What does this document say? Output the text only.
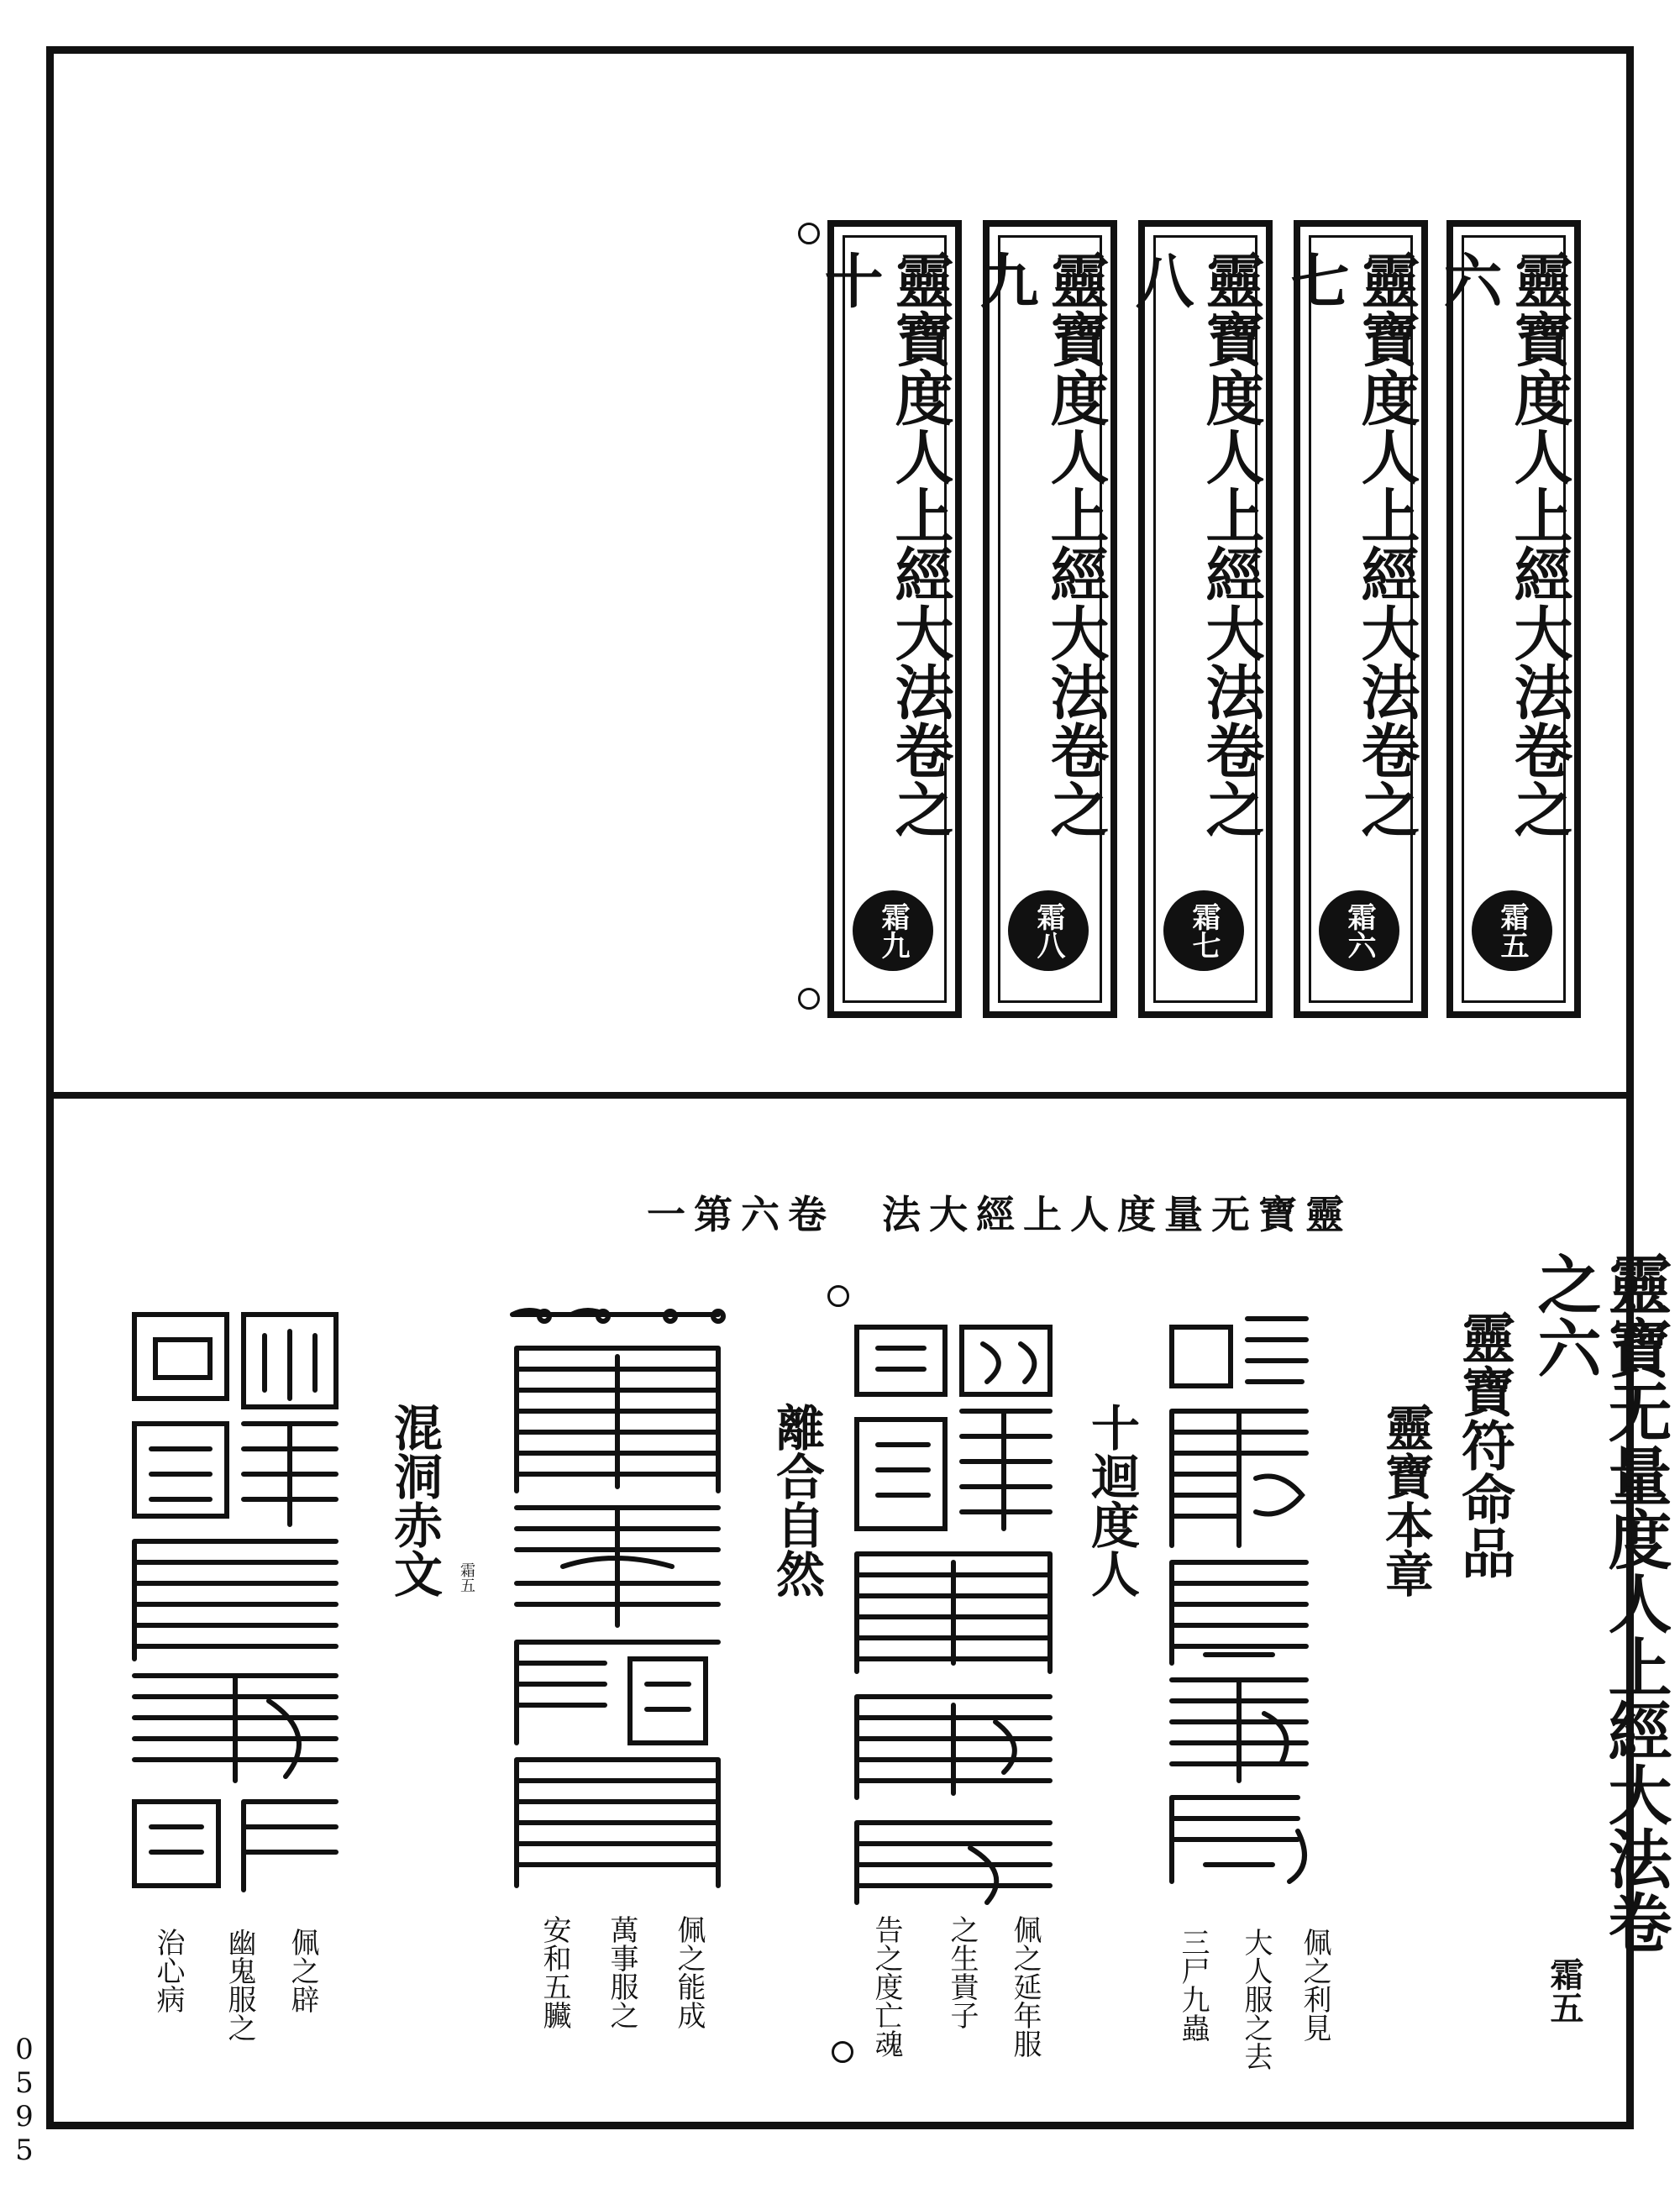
0595
靈寶度人上經大法卷之十
霜九
靈寶度人上經大法卷之九
霜八
靈寶度人上經大法卷之八
霜七
靈寶度人上經大法卷之七
霜六
靈寶度人上經大法卷之六
霜五
一第六卷　法大經上人度量无寶靈
靈寶无量度人上經大法卷之六
靈寶符命品
靈寶本章
霜五
十迴度人
離合自然
混洞赤文 霜五
佩之利見
大人服之去
三尸九蟲
佩之延年服
之生貴子
告之度亡魂
佩之能成
萬事服之
安和五臟
佩之辟
幽鬼服之
治心病
